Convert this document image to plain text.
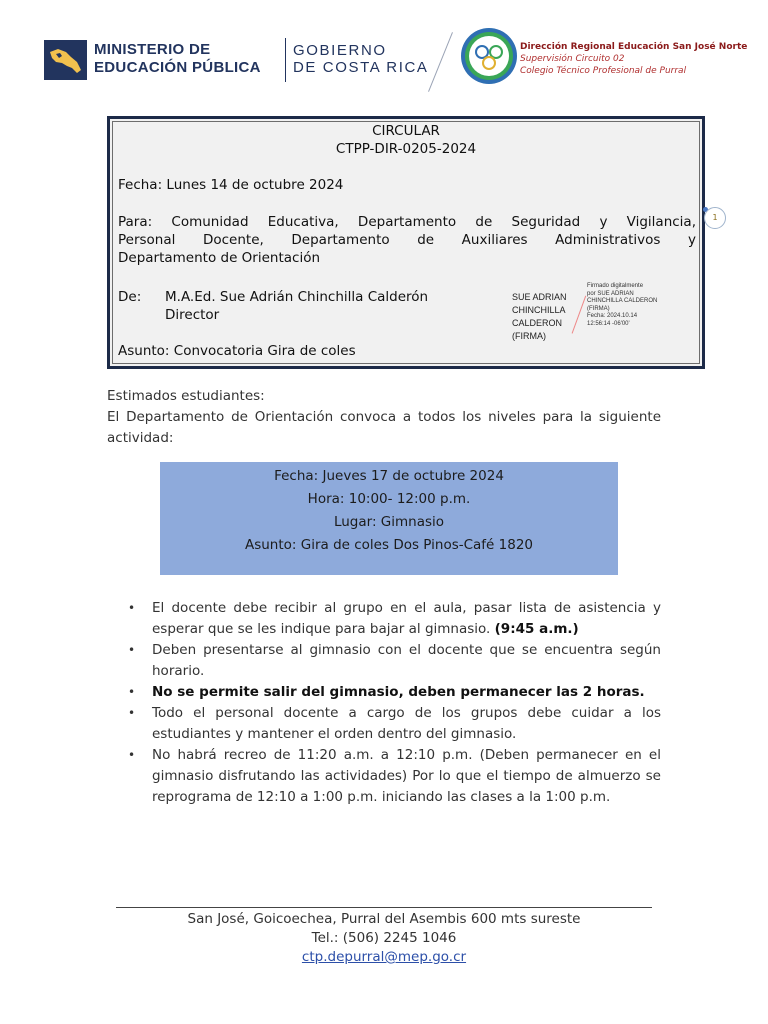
MINISTERIO DE
EDUCACIÓN PÚBLICA
GOBIERNO
DE COSTA RICA
Dirección Regional Educación San José Norte
Supervisión Circuito 02
Colegio Técnico Profesional de Purral
CIRCULAR
CTPP-DIR-0205-2024
Fecha: Lunes 14 de octubre 2024
Para: Comunidad Educativa, Departamento de Seguridad y Vigilancia,
Personal Docente, Departamento de Auxiliares Administrativos y
Departamento de Orientación
De: M.A.Ed. Sue Adrián Chinchilla Calderón
Director
SUE ADRIAN
CHINCHILLA
CALDERON
(FIRMA)
Firmado digitalmente
por SUE ADRIAN
CHINCHILLA CALDERON
(FIRMA)
Fecha: 2024.10.14
12:56:14 -06'00'
Asunto: Convocatoria Gira de coles
1
Estimados estudiantes:
El Departamento de Orientación convoca a todos los niveles para la siguiente actividad:
Fecha: Jueves 17 de octubre 2024
Hora: 10:00- 12:00 p.m.
Lugar: Gimnasio
Asunto: Gira de coles Dos Pinos-Café 1820
• El docente debe recibir al grupo en el aula, pasar lista de asistencia y esperar que se les indique para bajar al gimnasio. (9:45 a.m.)
• Deben presentarse al gimnasio con el docente que se encuentra según horario.
• No se permite salir del gimnasio, deben permanecer las 2 horas.
• Todo el personal docente a cargo de los grupos debe cuidar a los estudiantes y mantener el orden dentro del gimnasio.
• No habrá recreo de 11:20 a.m. a 12:10 p.m. (Deben permanecer en el gimnasio disfrutando las actividades) Por lo que el tiempo de almuerzo se reprograma de 12:10 a 1:00 p.m. iniciando las clases a la 1:00 p.m.
San José, Goicoechea, Purral del Asembis 600 mts sureste
Tel.: (506) 2245 1046
ctp.depurral@mep.go.cr
